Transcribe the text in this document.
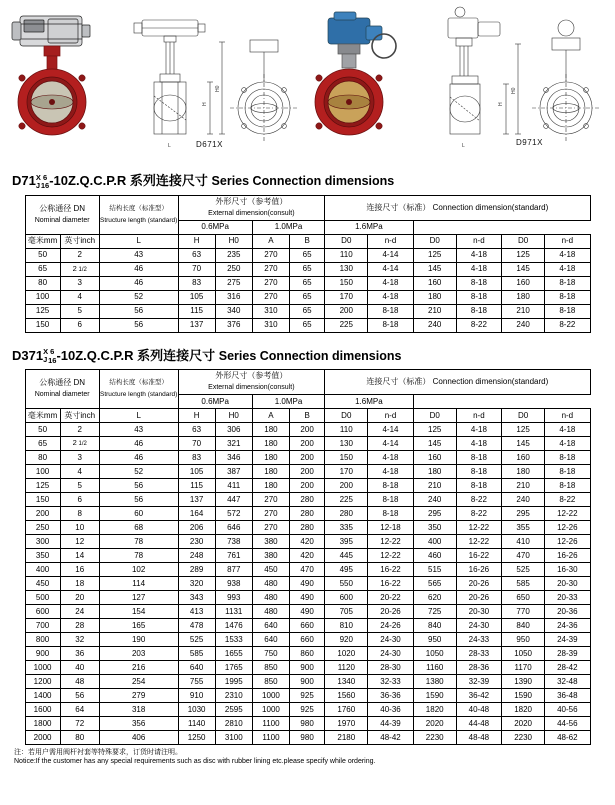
H
H0
L
H
H0
L
D671X	D971X
D71 X
J
6
16 -10Z.Q.C.P.R 系列连接尺寸 Series Connection dimensions
公称通径 DN
Nominal diameter

结构长度（标准型）
Structure length (standard)

外形尺寸（参考值）
External dimension(consult)

连接尺寸（标准） Connection dimension(standard)

			0.6MPa		1.0MPa		1.6MPa					
毫米mm	英寸inch	L	H	H0	A	B	D0	n-d	D0	n-d	D0	n-d
50	2	43	63	235	270	65	110	4-14	125	4-18	125	4-18
65	2 1/2	46	70	250	270	65	130	4-14	145	4-18	145	4-18
80	3	46	83	275	270	65	150	4-18	160	8-18	160	8-18
100	4	52	105	316	270	65	170	4-18	180	8-18	180	8-18
125	5	56	115	340	310	65	200	8-18	210	8-18	210	8-18
150	6	56	137	376	310	65	225	8-18	240	8-22	240	8-22
D371 X
J
6
16 -10Z.Q.C.P.R 系列连接尺寸 Series Connection dimensions
公称通径 DN
Nominal diameter

结构长度（标准型）
Structure length (standard)

外形尺寸（参考值）
External dimension(consult)

连接尺寸（标准） Connection dimension(standard)

			0.6MPa		1.0MPa		1.6MPa					
毫米mm	英寸inch	L	H	H0	A	B	D0	n-d	D0	n-d	D0	n-d
50	2	43	63	306	180	200	110	4-14	125	4-18	125	4-18
65	2 1/2	46	70	321	180	200	130	4-14	145	4-18	145	4-18
80	3	46	83	346	180	200	150	4-18	160	8-18	160	8-18
100	4	52	105	387	180	200	170	4-18	180	8-18	180	8-18
125	5	56	115	411	180	200	200	8-18	210	8-18	210	8-18
150	6	56	137	447	270	280	225	8-18	240	8-22	240	8-22
200	8	60	164	572	270	280	280	8-18	295	8-22	295	12-22
250	10	68	206	646	270	280	335	12-18	350	12-22	355	12-26
300	12	78	230	738	380	420	395	12-22	400	12-22	410	12-26
350	14	78	248	761	380	420	445	12-22	460	16-22	470	16-26
400	16	102	289	877	450	470	495	16-22	515	16-26	525	16-30
450	18	114	320	938	480	490	550	16-22	565	20-26	585	20-30
500	20	127	343	993	480	490	600	20-22	620	20-26	650	20-33
600	24	154	413	1131	480	490	705	20-26	725	20-30	770	20-36
700	28	165	478	1476	640	660	810	24-26	840	24-30	840	24-36
800	32	190	525	1533	640	660	920	24-30	950	24-33	950	24-39
900	36	203	585	1655	750	860	1020	24-30	1050	28-33	1050	28-39
1000	40	216	640	1765	850	900	1120	28-30	1160	28-36	1170	28-42
1200	48	254	755	1995	850	900	1340	32-33	1380	32-39	1390	32-48
1400	56	279	910	2310	1000	925	1560	36-36	1590	36-42	1590	36-48
1600	64	318	1030	2595	1000	925	1760	40-36	1820	40-48	1820	40-56
1800	72	356	1140	2810	1100	980	1970	44-39	2020	44-48	2020	44-56
2000	80	406	1250	3100	1100	980	2180	48-42	2230	48-48	2230	48-62
注：若用户需用阀杆衬套等特殊要求，订货时请注明。
Notice:If the customer has any special requirements such as disc with rubber lining etc.please specify while ordering.
